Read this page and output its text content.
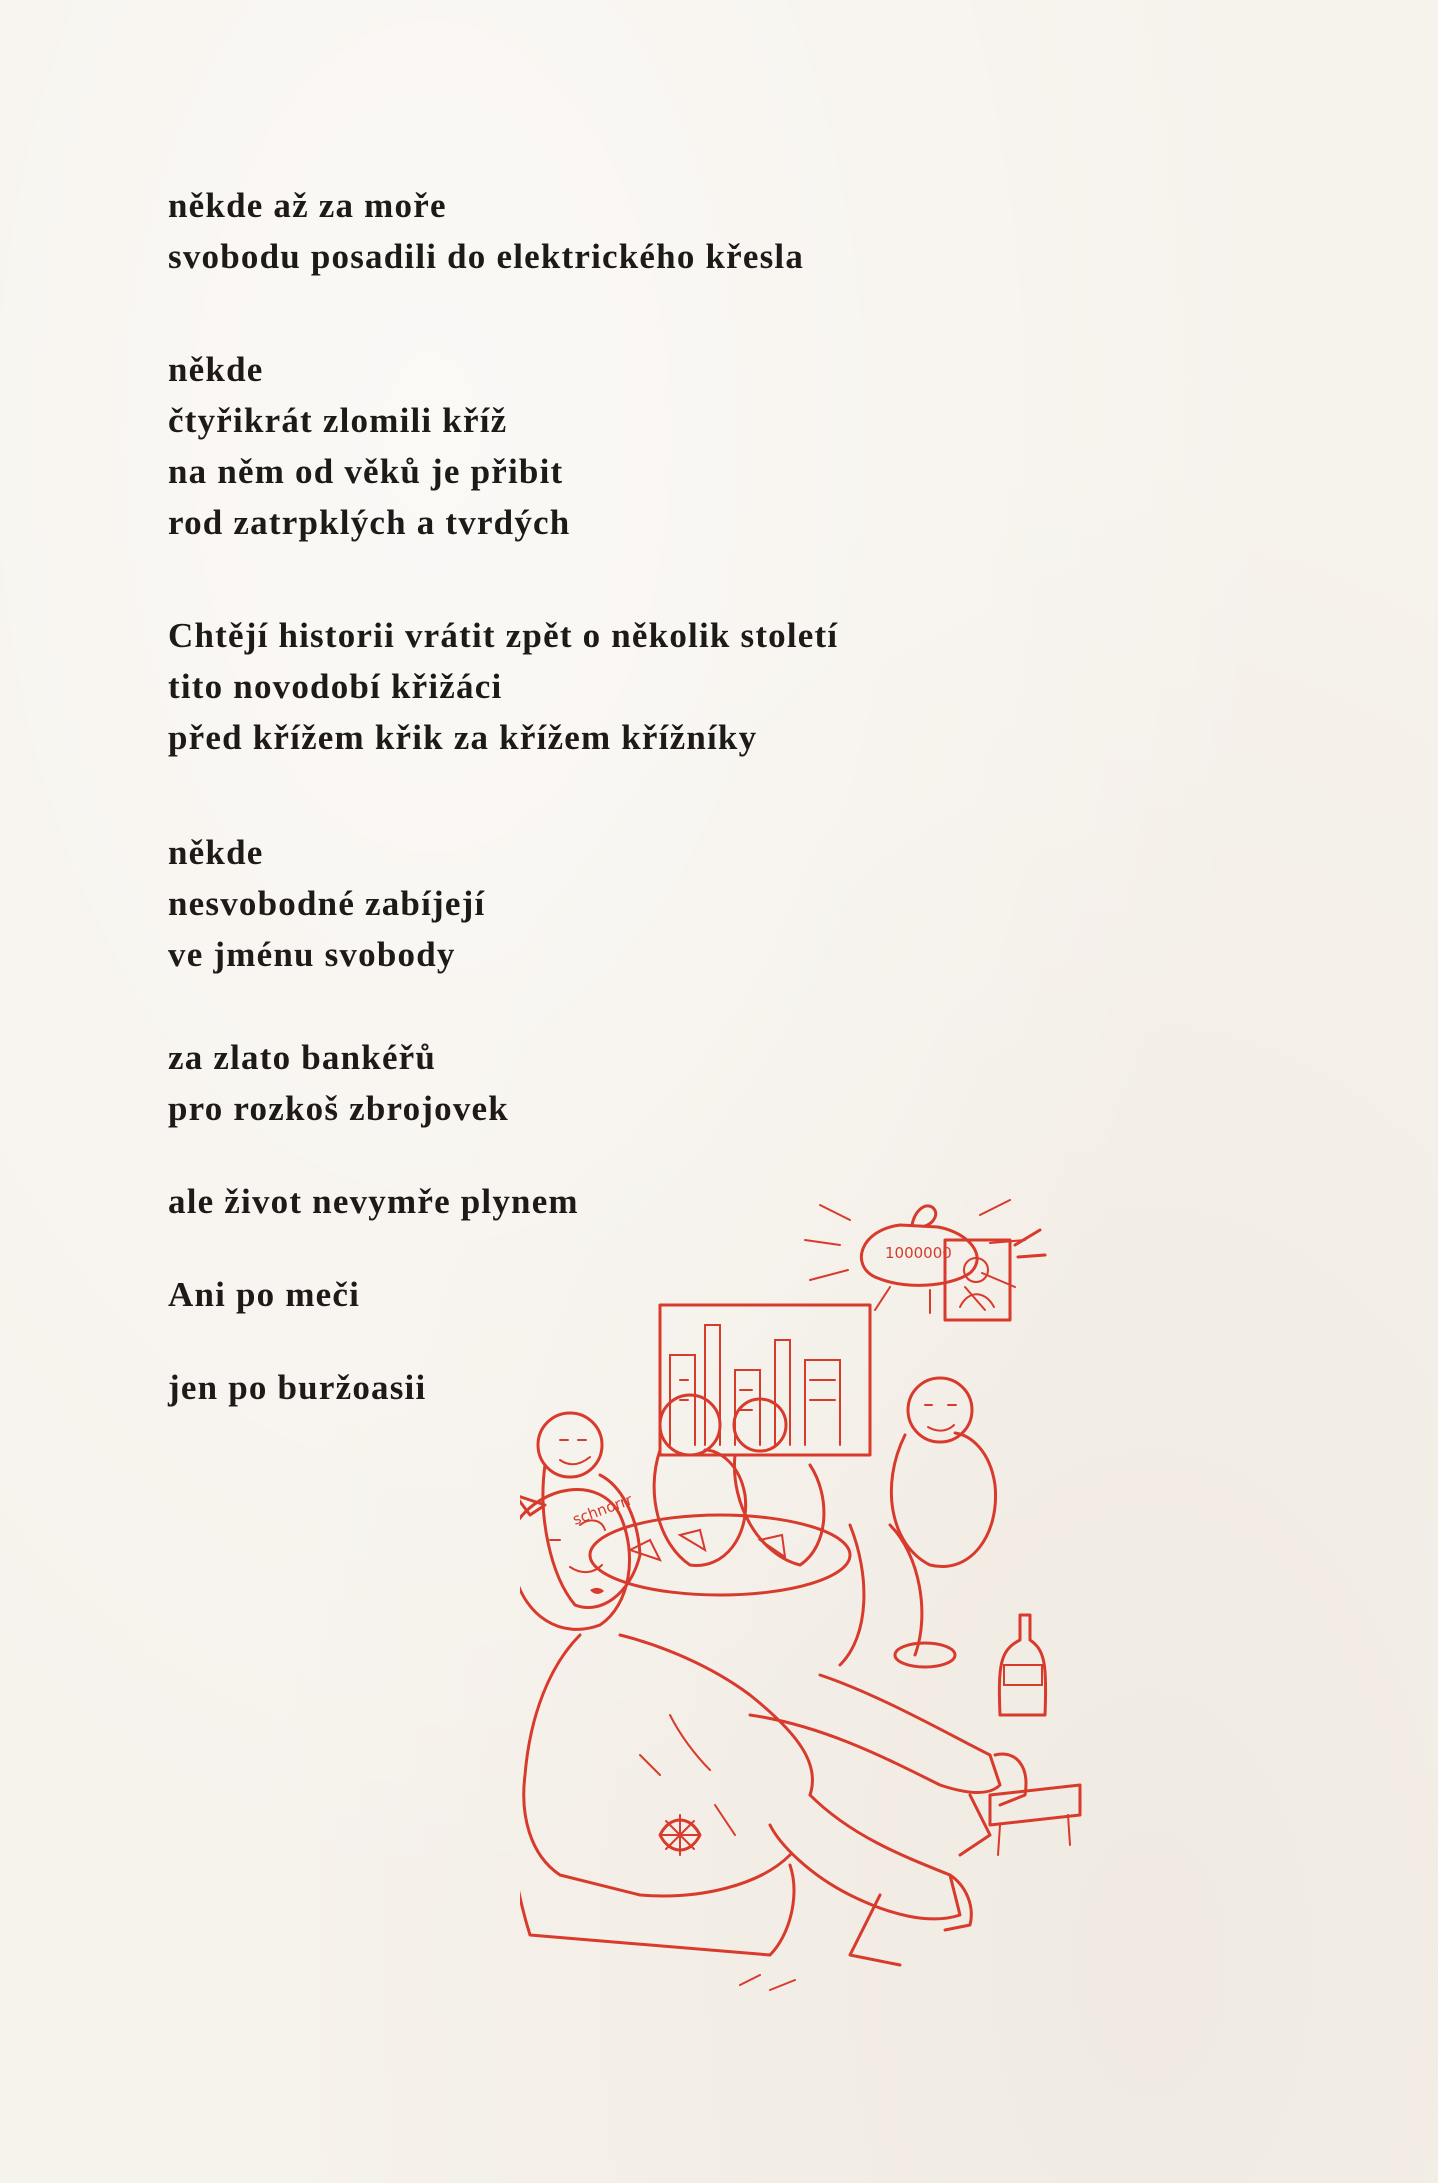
někde až za moře
svobodu posadili do elektrického křesla
někde
čtyřikrát zlomili kříž
na něm od věků je přibit
rod zatrpklých a tvrdých
Chtějí historii vrátit zpět o několik století
tito novodobí křižáci
před křížem křik za křížem křížníky
někde
nesvobodné zabíjejí
ve jménu svobody
za zlato bankéřů
pro rozkoš zbrojovek
ale život nevymře plynem
Ani po meči
jen po buržoasii
1000000
schnorrr
